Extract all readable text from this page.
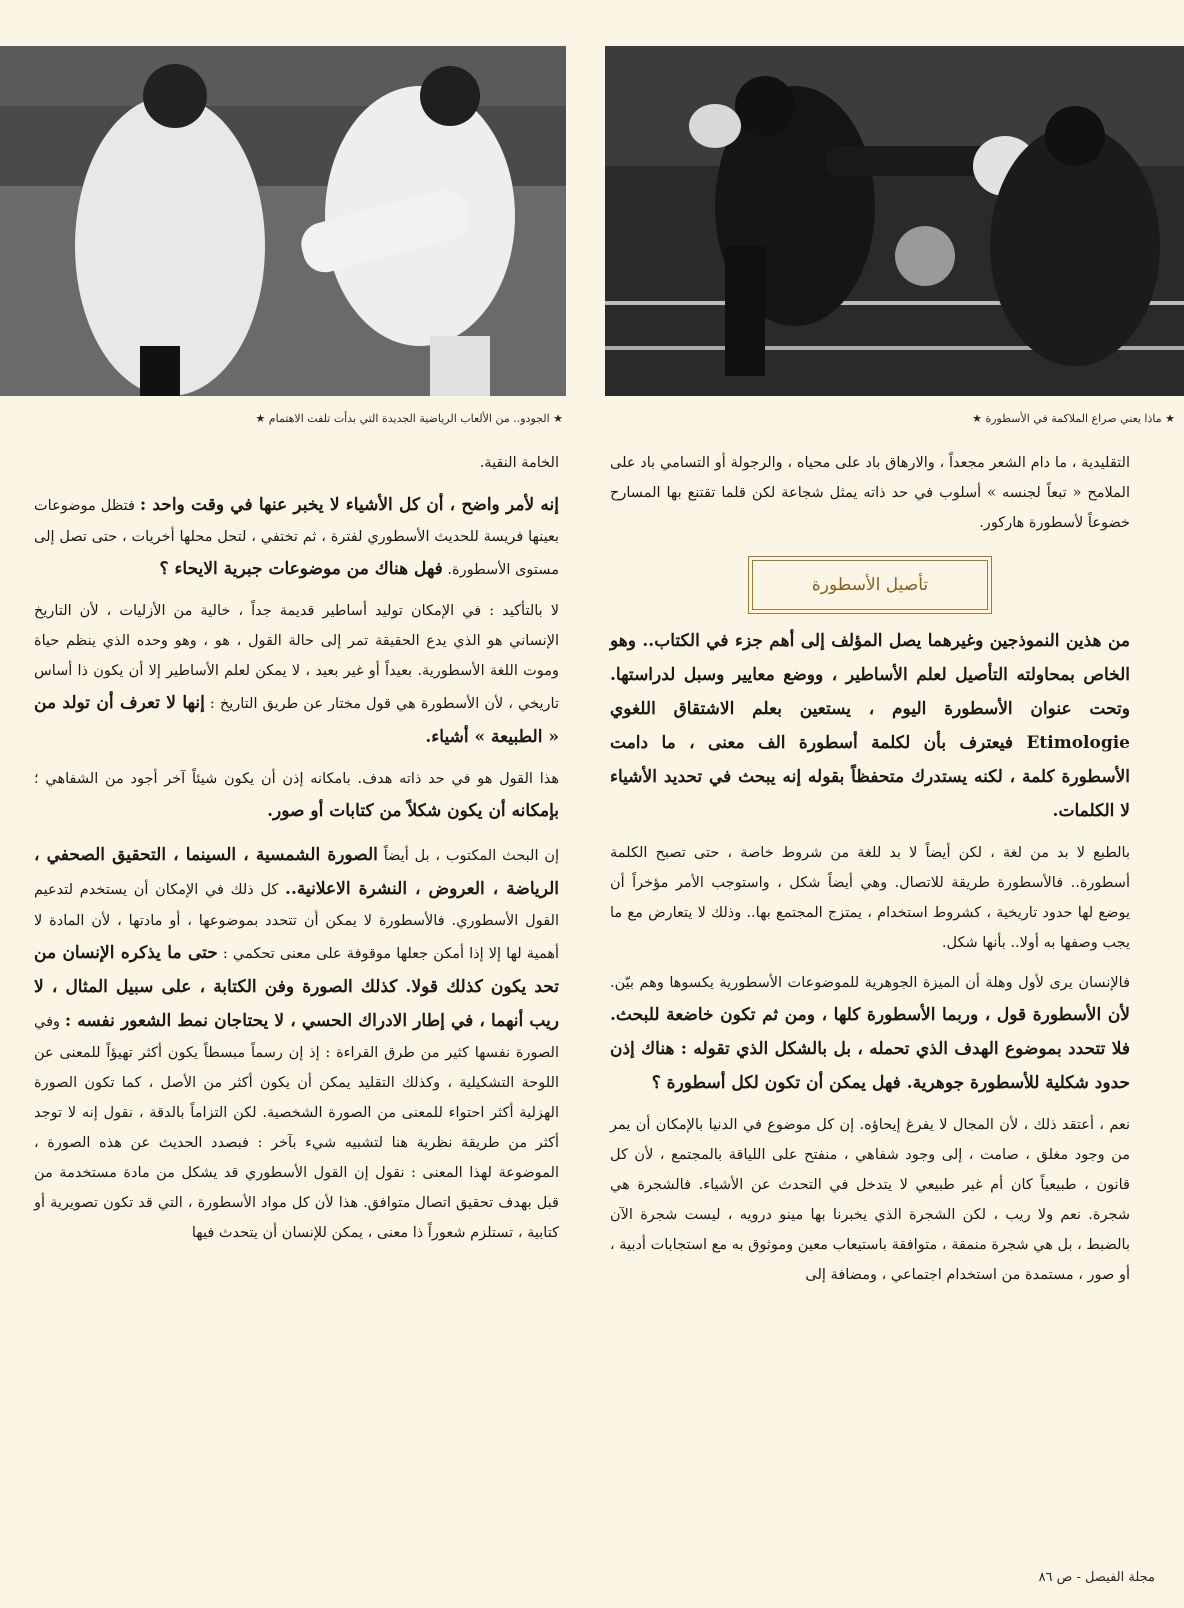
★ ماذا يعني صراع الملاكمة في الأسطورة ★
★ الجودو.. من الألعاب الرياضية الجديدة التي بدأت تلفت الاهتمام ★

التقليدية ، ما دام الشعر مجعداً ، والارهاق باد على محياه ، والرجولة أو التسامي باد على الملامح « تبعاً لجنسه » أسلوب في حد ذاته يمثل شجاعة لكن قلما تقتنع بها المسارح خضوعاً لأسطورة هاركور.

تأصيل الأسطورة

من هذين النموذجين وغيرهما يصل المؤلف إلى أهم جزء في الكتاب.. وهو الخاص بمحاولته التأصيل لعلم الأساطير ، ووضع معايير وسبل لدراستها. وتحت عنوان الأسطورة اليوم ، يستعين بعلم الاشتقاق اللغوي Etimologie فيعترف بأن لكلمة أسطورة الف معنى ، ما دامت الأسطورة كلمة ، لكنه يستدرك متحفظاً بقوله إنه يبحث في تحديد الأشياء لا الكلمات.

بالطبع لا بد من لغة ، لكن أيضاً لا بد للغة من شروط خاصة ، حتى تصبح الكلمة أسطورة.. فالأسطورة طريقة للاتصال. وهي أيضاً شكل ، واستوجب الأمر مؤخراً أن يوضع لها حدود تاريخية ، كشروط استخدام ، يمتزج المجتمع بها.. وذلك لا يتعارض مع ما يجب وصفها به أولا.. بأنها شكل.

فالإنسان يرى لأول وهلة أن الميزة الجوهرية للموضوعات الأسطورية يكسوها وهم بيّن. لأن الأسطورة قول ، وربما الأسطورة كلها ، ومن ثم تكون خاضعة للبحث. فلا تتحدد بموضوع الهدف الذي تحمله ، بل بالشكل الذي تقوله : هناك إذن حدود شكلية للأسطورة جوهرية. فهل يمكن أن تكون لكل أسطورة ؟

نعم ، أعتقد ذلك ، لأن المجال لا يفرغ إيحاؤه. إن كل موضوع في الدنيا بالإمكان أن يمر من وجود مغلق ، صامت ، إلى وجود شفاهي ، منفتح على اللياقة بالمجتمع ، لأن كل قانون ، طبيعياً كان أم غير طبيعي لا يتدخل في التحدث عن الأشياء. فالشجرة هي شجرة. نعم ولا ريب ، لكن الشجرة الذي يخبرنا بها مينو درويه ، ليست شجرة الآن بالضبط ، بل هي شجرة منمقة ، متوافقة باستيعاب معين وموثوق به مع استجابات أدبية ، أو صور ، مستمدة من استخدام اجتماعي ، ومضافة إلى

الخامة النقية.

إنه لأمر واضح ، أن كل الأشياء لا يخبر عنها في وقت واحد : فتظل موضوعات بعينها فريسة للحديث الأسطوري لفترة ، ثم تختفي ، لتحل محلها أخريات ، حتى تصل إلى مستوى الأسطورة. فهل هناك من موضوعات جبرية الايحاء ؟

لا بالتأكيد : في الإمكان توليد أساطير قديمة جداً ، خالية من الأزليات ، لأن التاريخ الإنساني هو الذي يدع الحقيقة تمر إلى حالة القول ، هو ، وهو وحده الذي ينظم حياة وموت اللغة الأسطورية. بعيداً أو غير بعيد ، لا يمكن لعلم الأساطير إلا أن يكون ذا أساس تاريخي ، لأن الأسطورة هي قول مختار عن طريق التاريخ : إنها لا تعرف أن تولد من « الطبيعة » أشياء.

هذا القول هو في حد ذاته هدف. بامكانه إذن أن يكون شيئاً آخر أجود من الشفاهي ؛ بإمكانه أن يكون شكلاً من كتابات أو صور.

إن البحث المكتوب ، بل أيضاً الصورة الشمسية ، السينما ، التحقيق الصحفي ، الرياضة ، العروض ، النشرة الاعلانية.. كل ذلك في الإمكان أن يستخدم لتدعيم القول الأسطوري. فالأسطورة لا يمكن أن تتحدد بموضوعها ، أو مادتها ، لأن المادة لا أهمية لها إلا إذا أمكن جعلها موقوفة على معنى تحكمي : حتى ما يذكره الإنسان من تحد يكون كذلك قولا. كذلك الصورة وفن الكتابة ، على سبيل المثال ، لا ريب أنهما ، في إطار الادراك الحسي ، لا يحتاجان نمط الشعور نفسه : وفي الصورة نفسها كثير من طرق القراءة : إذ إن رسماً مبسطاً يكون أكثر تهيؤاً للمعنى عن اللوحة التشكيلية ، وكذلك التقليد يمكن أن يكون أكثر من الأصل ، كما تكون الصورة الهزلية أكثر احتواء للمعنى من الصورة الشخصية. لكن التزاماً بالدقة ، نقول إنه لا توجد أكثر من طريقة نظرية هنا لتشبيه شيء بآخر : فبصدد الحديث عن هذه الصورة ، الموضوعة لهذا المعنى : نقول إن القول الأسطوري قد يشكل من مادة مستخدمة من قبل بهدف تحقيق اتصال متوافق. هذا لأن كل مواد الأسطورة ، التي قد تكون تصويرية أو كتابية ، تستلزم شعوراً ذا معنى ، يمكن للإنسان أن يتحدث فيها

مجلة الفيصل - ص ٨٦
